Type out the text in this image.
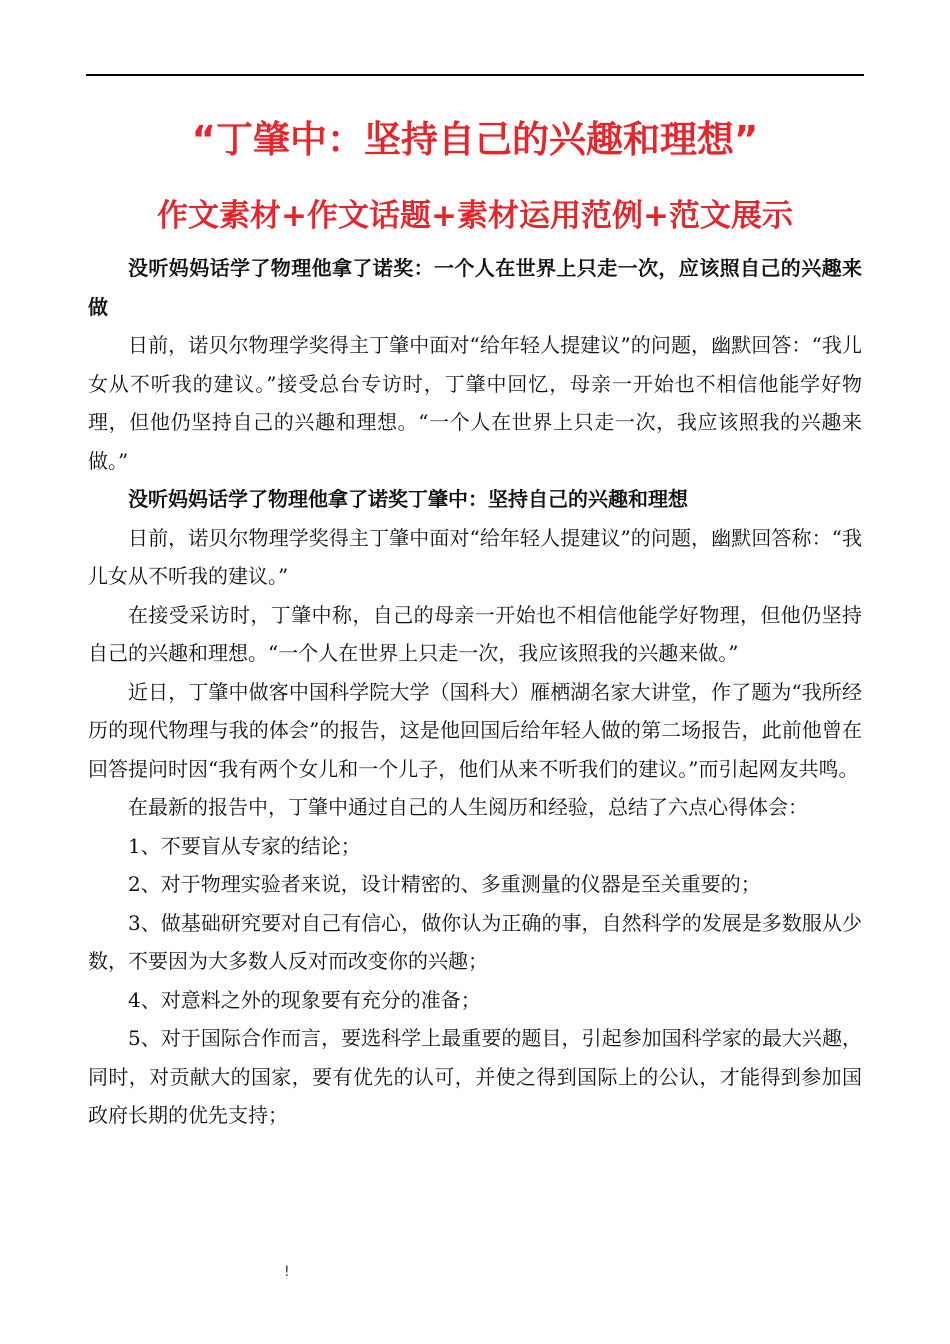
“丁肇中：坚持自己的兴趣和理想”
作文素材+作文话题+素材运用范例+范文展示

没听妈妈话学了物理他拿了诺奖：一个人在世界上只走一次，应该照自己的兴趣来做

日前，诺贝尔物理学奖得主丁肇中面对“给年轻人提建议”的问题，幽默回答：“我儿女从不听我的建议。”接受总台专访时，丁肇中回忆，母亲一开始也不相信他能学好物理，但他仍坚持自己的兴趣和理想。“一个人在世界上只走一次，我应该照我的兴趣来做。”

没听妈妈话学了物理他拿了诺奖丁肇中：坚持自己的兴趣和理想

日前，诺贝尔物理学奖得主丁肇中面对“给年轻人提建议”的问题，幽默回答称：“我儿女从不听我的建议。”

在接受采访时，丁肇中称，自己的母亲一开始也不相信他能学好物理，但他仍坚持自己的兴趣和理想。“一个人在世界上只走一次，我应该照我的兴趣来做。”

近日，丁肇中做客中国科学院大学（国科大）雁栖湖名家大讲堂，作了题为“我所经历的现代物理与我的体会”的报告，这是他回国后给年轻人做的第二场报告，此前他曾在回答提问时因“我有两个女儿和一个儿子，他们从来不听我们的建议。”而引起网友共鸣。

在最新的报告中，丁肇中通过自己的人生阅历和经验，总结了六点心得体会：

1、不要盲从专家的结论；

2、对于物理实验者来说，设计精密的、多重测量的仪器是至关重要的；

3、做基础研究要对自己有信心，做你认为正确的事，自然科学的发展是多数服从少数，不要因为大多数人反对而改变你的兴趣；

4、对意料之外的现象要有充分的准备；

5、对于国际合作而言，要选科学上最重要的题目，引起参加国科学家的最大兴趣，同时，对贡献大的国家，要有优先的认可，并使之得到国际上的公认，才能得到参加国政府长期的优先支持；

!
